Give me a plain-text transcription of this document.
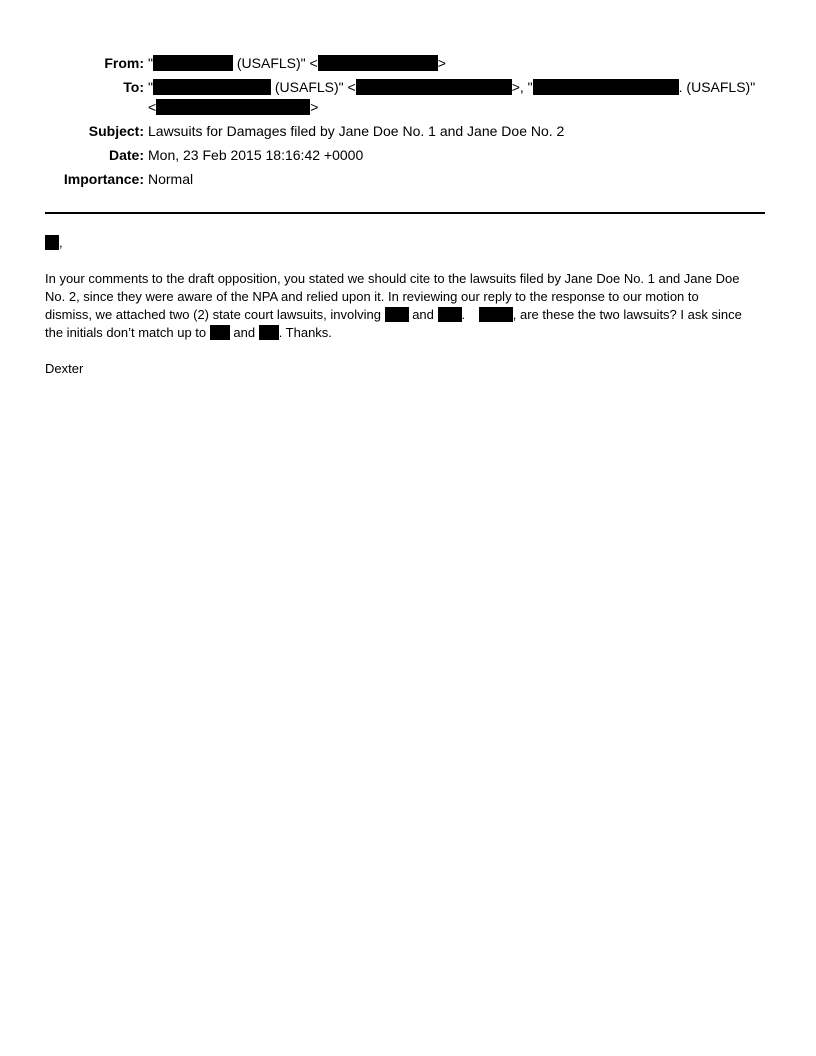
From: "	(USAFLS)" <	>
To: "	(USAFLS)" <	>, "	. (USAFLS)"
<	>
Subject: Lawsuits for Damages filed by Jane Doe No. 1 and Jane Doe No. 2
Date: Mon, 23 Feb 2015 18:16:42 +0000
Importance: Normal
,
In your comments to the draft opposition, you stated we should cite to the lawsuits filed by Jane Doe No. 1 and Jane Doe
No. 2, since they were aware of the NPA and relied upon it. In reviewing our reply to the response to our motion to
dismiss, we attached two (2) state court lawsuits, involving  and .	, are these the two lawsuits? I ask since
the initials don’t match up to  and . Thanks.
Dexter
